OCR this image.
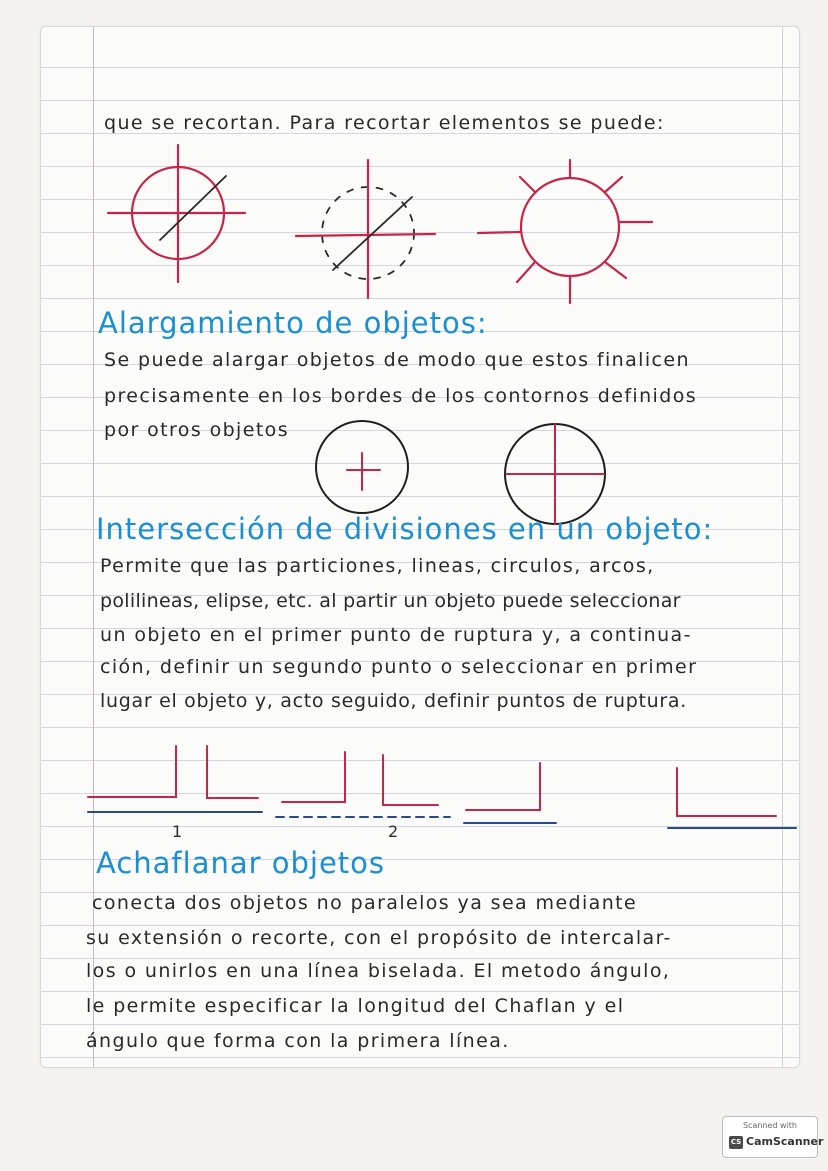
que se recortan. Para recortar elementos se puede:
Alargamiento de objetos:
Se puede alargar objetos de modo que estos finalicen
precisamente en los bordes de los contornos definidos
por otros objetos
Intersección de divisiones en un objeto:
Permite que las particiones, lineas, circulos, arcos,
polilineas, elipse, etc. al partir un objeto puede seleccionar
un objeto en el primer punto de ruptura y, a continua-
ción, definir un segundo punto o seleccionar en primer
lugar el objeto y, acto seguido, definir puntos de ruptura.
1	2
Achaflanar objetos
conecta dos objetos no paralelos ya sea mediante
su extensión o recorte, con el propósito de intercalar-
los o unirlos en una línea biselada. El metodo ángulo,
le permite especificar la longitud del Chaflan y el
ángulo que forma con la primera línea.
Scanned with
CS CamScanner
